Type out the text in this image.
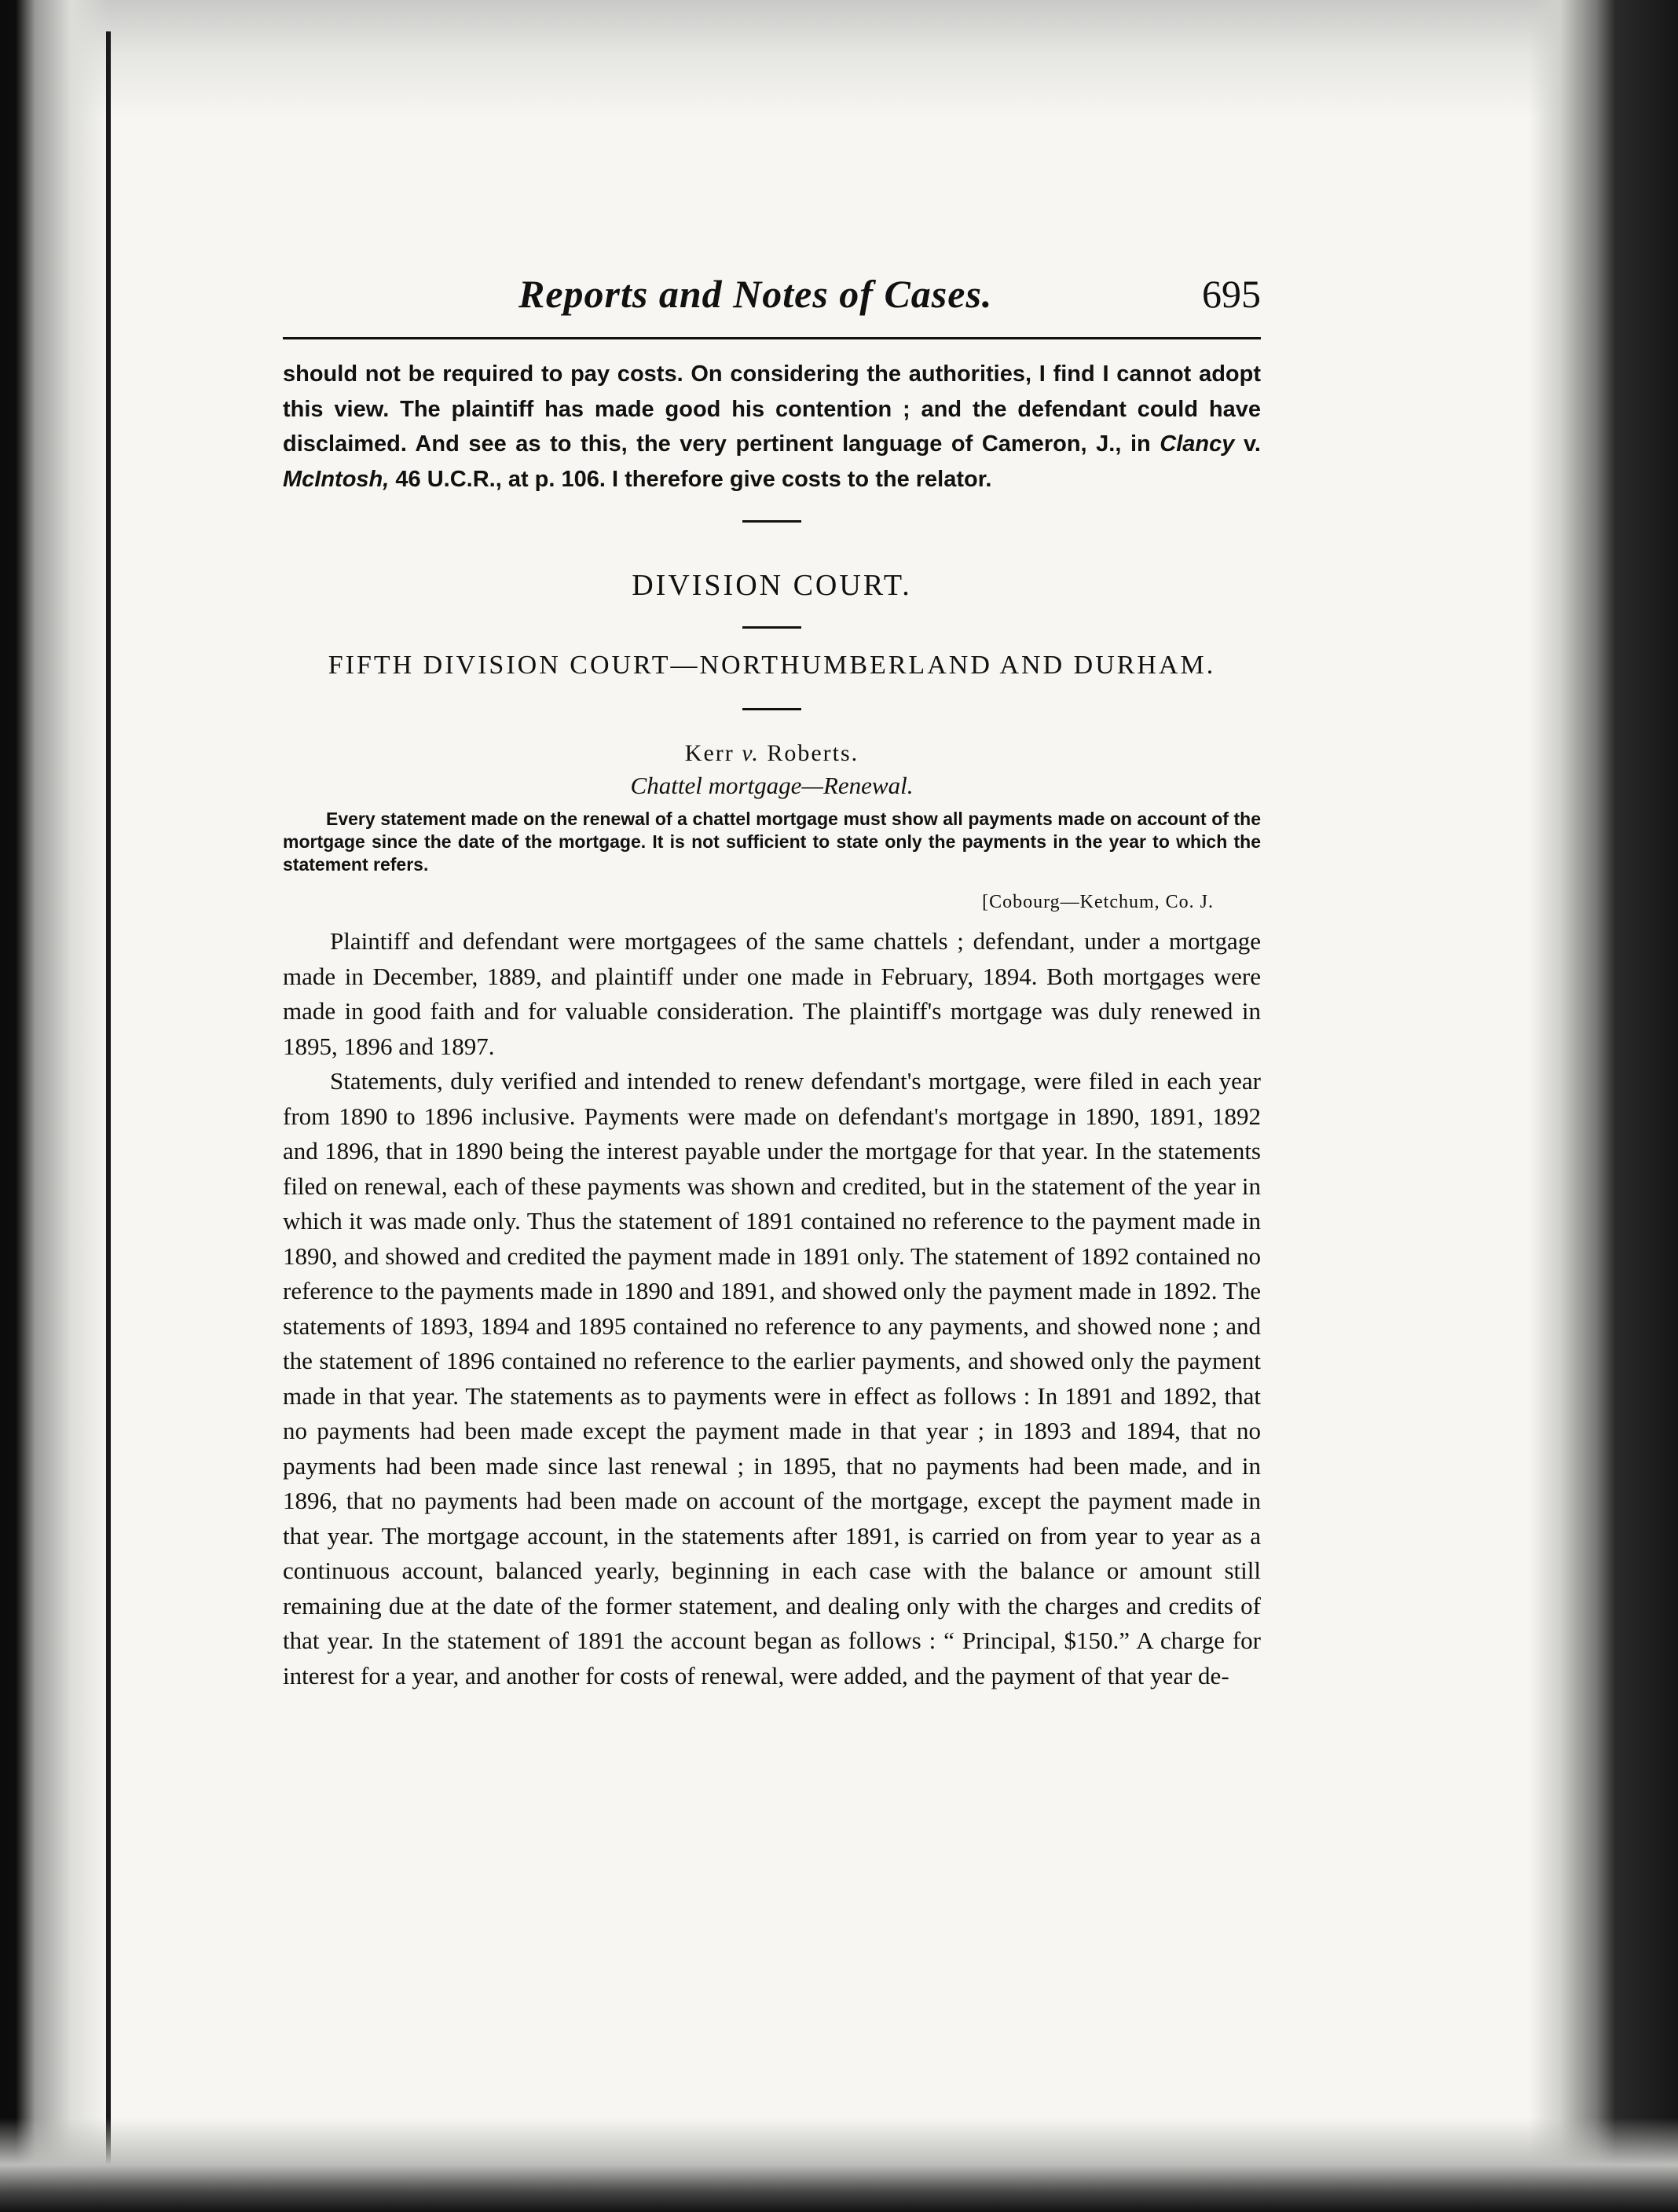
Reports and Notes of Cases.	695

should not be required to pay costs. On considering the authorities, I find I cannot adopt this view. The plaintiff has made good his contention ; and the defendant could have disclaimed. And see as to this, the very pertinent language of Cameron, J., in Clancy v. McIntosh, 46 U.C.R., at p. 106. I therefore give costs to the relator.

DIVISION COURT.
FIFTH DIVISION COURT—NORTHUMBERLAND AND DURHAM.
Kerr v. Roberts.
Chattel mortgage—Renewal.

Every statement made on the renewal of a chattel mortgage must show all payments made on account of the mortgage since the date of the mortgage. It is not sufficient to state only the payments in the year to which the statement refers.

[Cobourg—Ketchum, Co. J.

Plaintiff and defendant were mortgagees of the same chattels ; defendant, under a mortgage made in December, 1889, and plaintiff under one made in February, 1894. Both mortgages were made in good faith and for valuable consideration. The plaintiff's mortgage was duly renewed in 1895, 1896 and 1897.

Statements, duly verified and intended to renew defendant's mortgage, were filed in each year from 1890 to 1896 inclusive. Payments were made on defendant's mortgage in 1890, 1891, 1892 and 1896, that in 1890 being the interest payable under the mortgage for that year. In the statements filed on renewal, each of these payments was shown and credited, but in the statement of the year in which it was made only. Thus the statement of 1891 contained no reference to the payment made in 1890, and showed and credited the payment made in 1891 only. The statement of 1892 contained no reference to the payments made in 1890 and 1891, and showed only the payment made in 1892. The statements of 1893, 1894 and 1895 contained no reference to any payments, and showed none ; and the statement of 1896 contained no reference to the earlier payments, and showed only the payment made in that year. The statements as to payments were in effect as follows : In 1891 and 1892, that no payments had been made except the payment made in that year ; in 1893 and 1894, that no payments had been made since last renewal ; in 1895, that no payments had been made, and in 1896, that no payments had been made on account of the mortgage, except the payment made in that year. The mortgage account, in the statements after 1891, is carried on from year to year as a continuous account, balanced yearly, beginning in each case with the balance or amount still remaining due at the date of the former statement, and dealing only with the charges and credits of that year. In the statement of 1891 the account began as follows : “ Principal, $150.” A charge for interest for a year, and another for costs of renewal, were added, and the payment of that year de-
